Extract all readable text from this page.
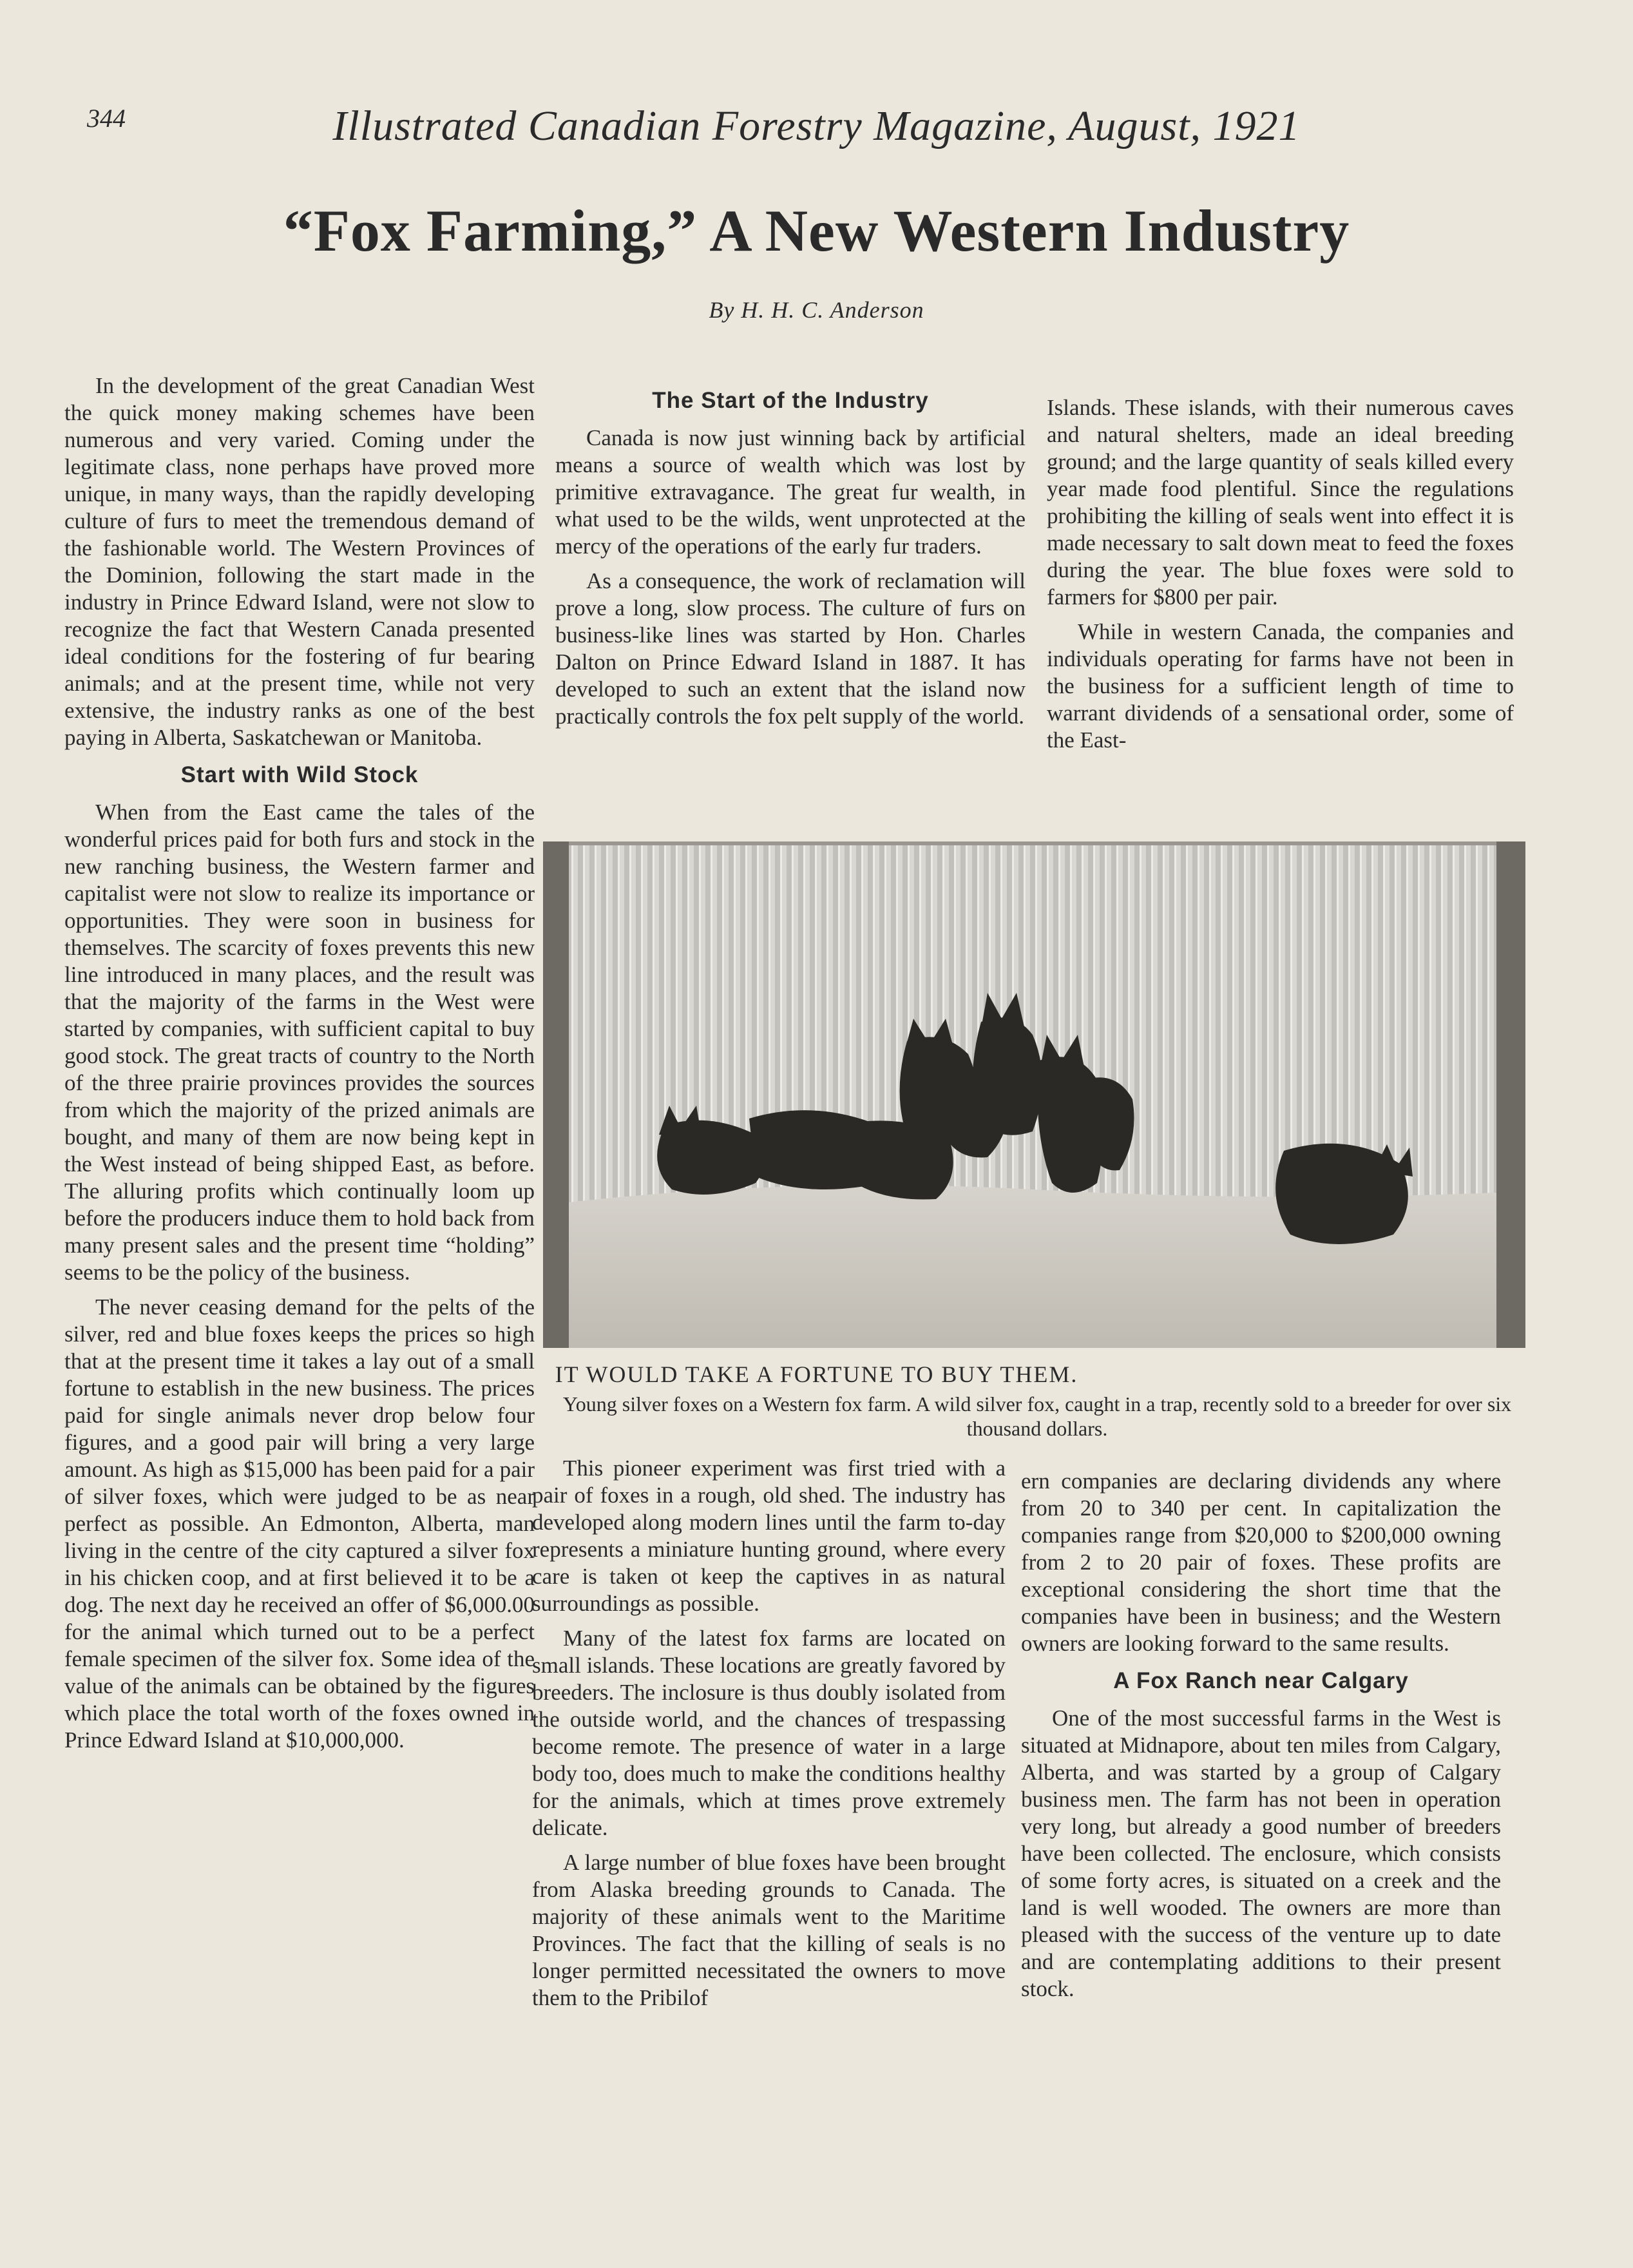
344	Illustrated Canadian Forestry Magazine, August, 1921
“Fox Farming,” A New Western Industry
By H. H. C. Anderson

In the development of the great Canadian West the quick money making schemes have been numerous and very varied. Coming under the legitimate class, none perhaps have proved more unique, in many ways, than the rapidly developing culture of furs to meet the tremendous demand of the fashionable world. The Western Provinces of the Dominion, following the start made in the industry in Prince Edward Island, were not slow to recognize the fact that Western Canada presented ideal conditions for the fostering of fur bearing animals; and at the present time, while not very extensive, the industry ranks as one of the best paying in Alberta, Saskatchewan or Manitoba.

Start with Wild Stock

When from the East came the tales of the wonderful prices paid for both furs and stock in the new ranching business, the Western farmer and capitalist were not slow to realize its importance or opportunities. They were soon in business for themselves. The scarcity of foxes prevents this new line introduced in many places, and the result was that the majority of the farms in the West were started by companies, with sufficient capital to buy good stock. The great tracts of country to the North of the three prairie provinces provides the sources from which the majority of the prized animals are bought, and many of them are now being kept in the West instead of being shipped East, as before. The alluring profits which continually loom up before the producers induce them to hold back from many present sales and the present time “holding” seems to be the policy of the business.

The never ceasing demand for the pelts of the silver, red and blue foxes keeps the prices so high that at the present time it takes a lay out of a small fortune to establish in the new business. The prices paid for single animals never drop below four figures, and a good pair will bring a very large amount. As high as $15,000 has been paid for a pair of silver foxes, which were judged to be as near perfect as possible. An Edmonton, Alberta, man living in the centre of the city captured a silver fox in his chicken coop, and at first believed it to be a dog. The next day he received an offer of $6,000.00 for the animal which turned out to be a perfect female specimen of the silver fox. Some idea of the value of the animals can be obtained by the figures which place the total worth of the foxes owned in Prince Edward Island at $10,000,000.

The Start of the Industry

Canada is now just winning back by artificial means a source of wealth which was lost by primitive extravagance. The great fur wealth, in what used to be the wilds, went unprotected at the mercy of the operations of the early fur traders.

As a consequence, the work of reclamation will prove a long, slow process. The culture of furs on business-like lines was started by Hon. Charles Dalton on Prince Edward Island in 1887. It has developed to such an extent that the island now practically controls the fox pelt supply of the world.

Islands. These islands, with their numerous caves and natural shelters, made an ideal breeding ground; and the large quantity of seals killed every year made food plentiful. Since the regulations prohibiting the killing of seals went into effect it is made necessary to salt down meat to feed the foxes during the year. The blue foxes were sold to farmers for $800 per pair.

While in western Canada, the companies and individuals operating for farms have not been in the business for a sufficient length of time to warrant dividends of a sensational order, some of the East-

IT WOULD TAKE A FORTUNE TO BUY THEM.
Young silver foxes on a Western fox farm. A wild silver fox, caught in a trap, recently sold to a breeder for over six thousand dollars.

This pioneer experiment was first tried with a pair of foxes in a rough, old shed. The industry has developed along modern lines until the farm to-day represents a miniature hunting ground, where every care is taken ot keep the captives in as natural surroundings as possible.

Many of the latest fox farms are located on small islands. These locations are greatly favored by breeders. The inclosure is thus doubly isolated from the outside world, and the chances of trespassing become remote. The presence of water in a large body too, does much to make the conditions healthy for the animals, which at times prove extremely delicate.

A large number of blue foxes have been brought from Alaska breeding grounds to Canada. The majority of these animals went to the Maritime Provinces. The fact that the killing of seals is no longer permitted necessitated the owners to move them to the Pribilof

ern companies are declaring dividends any where from 20 to 340 per cent. In capitalization the companies range from $20,000 to $200,000 owning from 2 to 20 pair of foxes. These profits are exceptional considering the short time that the companies have been in business; and the Western owners are looking forward to the same results.

A Fox Ranch near Calgary

One of the most successful farms in the West is situated at Midnapore, about ten miles from Calgary, Alberta, and was started by a group of Calgary business men. The farm has not been in operation very long, but already a good number of breeders have been collected. The enclosure, which consists of some forty acres, is situated on a creek and the land is well wooded. The owners are more than pleased with the success of the venture up to date and are contemplating additions to their present stock.
